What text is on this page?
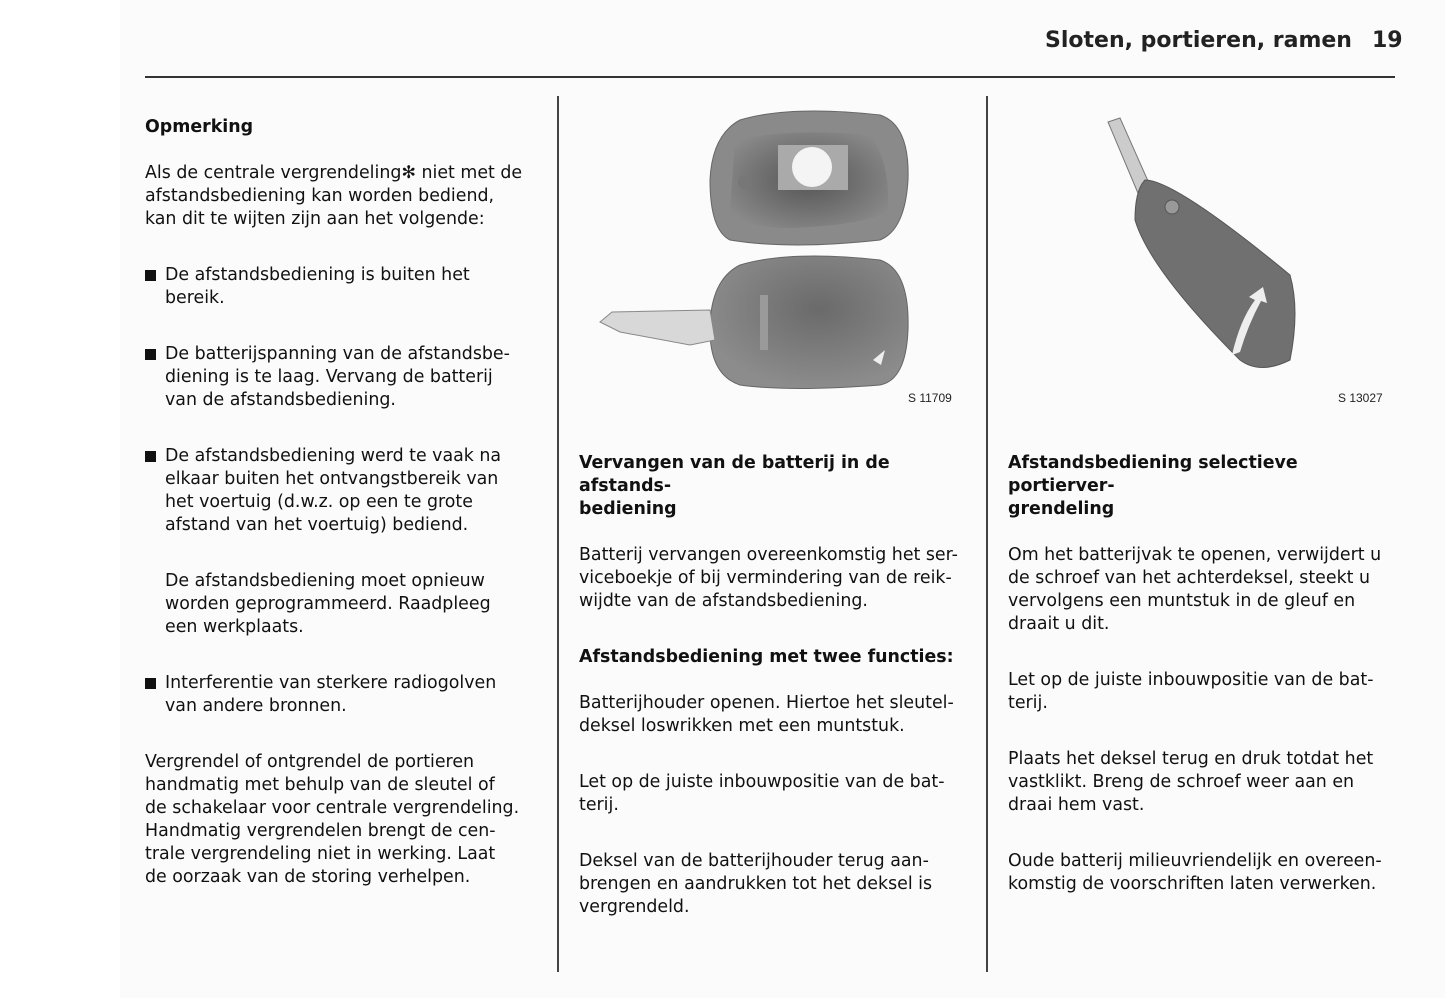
Sloten, portieren, ramen 19

Opmerking

Als de centrale vergrendeling✻ niet met de
afstandsbediening kan worden bediend,
kan dit te wijten zijn aan het volgende:

De afstandsbediening is buiten het
bereik.

De batterijspanning van de afstandsbe-
diening is te laag. Vervang de batterij
van de afstandsbediening.

De afstandsbediening werd te vaak na
elkaar buiten het ontvangstbereik van
het voertuig (d.w.z. op een te grote
afstand van het voertuig) bediend.

De afstandsbediening moet opnieuw
worden geprogrammeerd. Raadpleeg
een werkplaats.

Interferentie van sterkere radiogolven
van andere bronnen.

Vergrendel of ontgrendel de portieren
handmatig met behulp van de sleutel of
de schakelaar voor centrale vergrendeling.
Handmatig vergrendelen brengt de cen-
trale vergrendeling niet in werking. Laat
de oorzaak van de storing verhelpen.

S 11709

Vervangen van de batterij in de afstands-
bediening

Batterij vervangen overeenkomstig het ser-
viceboekje of bij vermindering van de reik-
wijdte van de afstandsbediening.

Afstandsbediening met twee functies:

Batterijhouder openen. Hiertoe het sleutel-
deksel loswrikken met een muntstuk.

Let op de juiste inbouwpositie van de bat-
terij.

Deksel van de batterijhouder terug aan-
brengen en aandrukken tot het deksel is
vergrendeld.

S 13027

Afstandsbediening selectieve portierver-
grendeling

Om het batterijvak te openen, verwijdert u
de schroef van het achterdeksel, steekt u
vervolgens een muntstuk in de gleuf en
draait u dit.

Let op de juiste inbouwpositie van de bat-
terij.

Plaats het deksel terug en druk totdat het
vastklikt. Breng de schroef weer aan en
draai hem vast.

Oude batterij milieuvriendelijk en overeen-
komstig de voorschriften laten verwerken.
